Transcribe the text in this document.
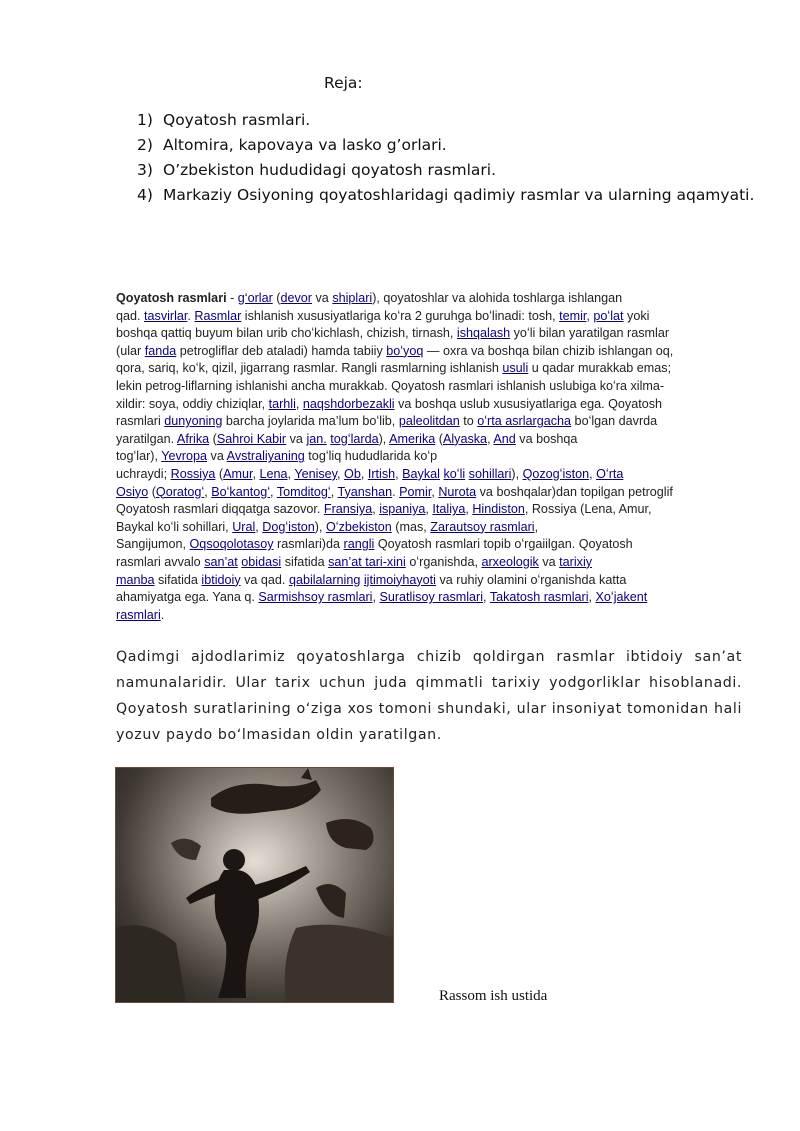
Reja:
1) Qoyatosh rasmlari.
2) Altomira, kapovaya va lasko g’orlari.
3) O’zbekiston hududidagi qoyatosh rasmlari.
4) Markaziy Osiyoning qoyatoshlaridagi qadimiy rasmlar va ularning aqamyati.
Qoyatosh rasmlari - g‘orlar (devor va shiplari), qoyatoshlar va alohida toshlarga ishlangan
qad. tasvirlar. Rasmlar ishlanish xususiyatlariga koʻra 2 guruhga boʻlinadi: tosh, temir, poʻlat yoki
boshqa qattiq buyum bilan urib choʻkichlash, chizish, tirnash, ishqalash yoʻli bilan yaratilgan rasmlar
(ular fanda petrogliflar deb ataladi) hamda tabiiy boʻyoq — oxra va boshqa bilan chizib ishlangan oq,
qora, sariq, koʻk, qizil, jigarrang rasmlar. Rangli rasmlarning ishlanish usuli u qadar murakkab emas;
lekin petrog-liflarning ishlanishi ancha murakkab. Qoyatosh rasmlari ishlanish uslubiga koʻra xilma-
xildir: soya, oddiy chiziqlar, tarhli, naqshdorbezakli va boshqa uslub xususiyatlariga ega. Qoyatosh
rasmlari dunyoning barcha joylarida ma’lum boʻlib, paleolitdan to oʻrta asrlargacha boʻlgan davrda
yaratilgan. Afrika (Sahroi Kabir va jan. togʻlarda), Amerika (Alyaska, And va boshqa
togʻlar), Yevropa va Avstraliyaning togʻliq hududlarida koʻp
uchraydi; Rossiya (Amur, Lena, Yenisey, Ob, Irtish, Baykal koʻli sohillari), Qozogʻiston, Oʻrta
Osiyo (Qoratogʻ, Boʻkantogʻ, Tomditogʻ, Tyanshan. Pomir, Nurota va boshqalar)dan topilgan petroglif
Qoyatosh rasmlari diqqatga sazovor. Fransiya, ispaniya, Italiya, Hindiston, Rossiya (Lena, Amur,
Baykal koʻli sohillari, Ural, Dogʻiston), Oʻzbekiston (mas, Zarautsoy rasmlari,
Sangijumon, Oqsoqolotasoy rasmlari)da rangli Qoyatosh rasmlari topib oʻrgaiilgan. Qoyatosh
rasmlari avvalo san’at obidasi sifatida san’at tari-xini oʻrganishda, arxeologik va tarixiy
manba sifatida ibtidoiy va qad. qabilalarning ijtimoiyhayoti va ruhiy olamini oʻrganishda katta
ahamiyatga ega. Yana q. Sarmishsoy rasmlari, Suratlisoy rasmlari, Takatosh rasmlari, Xoʻjakent
rasmlari.
Qadimgi ajdodlarimiz qoyatoshlarga chizib qoldirgan rasmlar ibtidoiy san’at namunalaridir. Ular tarix uchun juda qimmatli tarixiy yodgorliklar hisoblanadi. Qoyatosh suratlarining oʻziga xos tomoni shundaki, ular insoniyat tomonidan hali yozuv paydo boʻlmasidan oldin yaratilgan.
Rassom ish ustida
